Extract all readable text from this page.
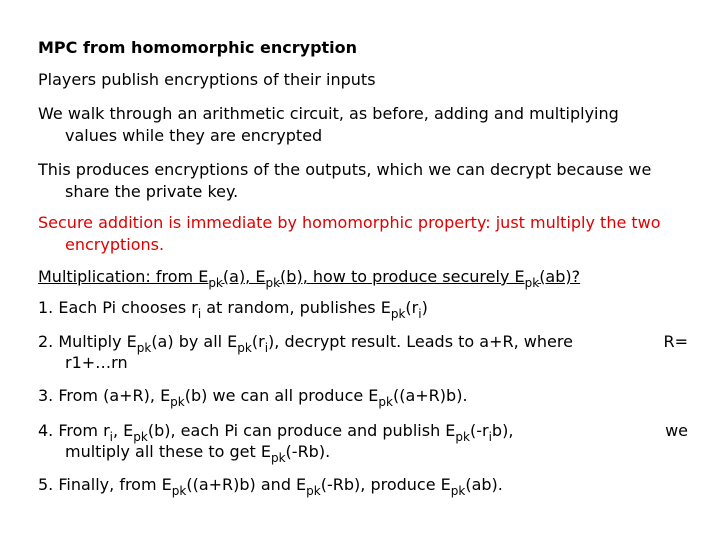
MPC from homomorphic encryption
Players publish encryptions of their inputs
We walk through an arithmetic circuit, as before, adding and multiplying
values while they are encrypted
This produces encryptions of the outputs, which we can decrypt because we
share the private key.
Secure addition is immediate by homomorphic property: just multiply the two
encryptions.
Multiplication: from $E_{pk}(a)$, $E_{pk}(b)$, how to produce securely $E_{pk}(ab)$?
1. Each Pi chooses $r_i$ at random, publishes $E_{pk}(r_i)$
2. Multiply $E_{pk}(a)$ by all $E_{pk}(r_i)$, decrypt result. Leads to a+R, where
r1+…rn
R=
3. From (a+R), $E_{pk}(b)$ we can all produce $E_{pk}((a+R)b)$.
4. From $r_i$, $E_{pk}(b)$, each Pi can produce and publish $E_{pk}(-r_ib)$,
multiply all these to get $E_{pk}(-Rb)$.
we
5. Finally, from $E_{pk}((a+R)b)$ and $E_{pk}(-Rb)$, produce $E_{pk}(ab)$.
